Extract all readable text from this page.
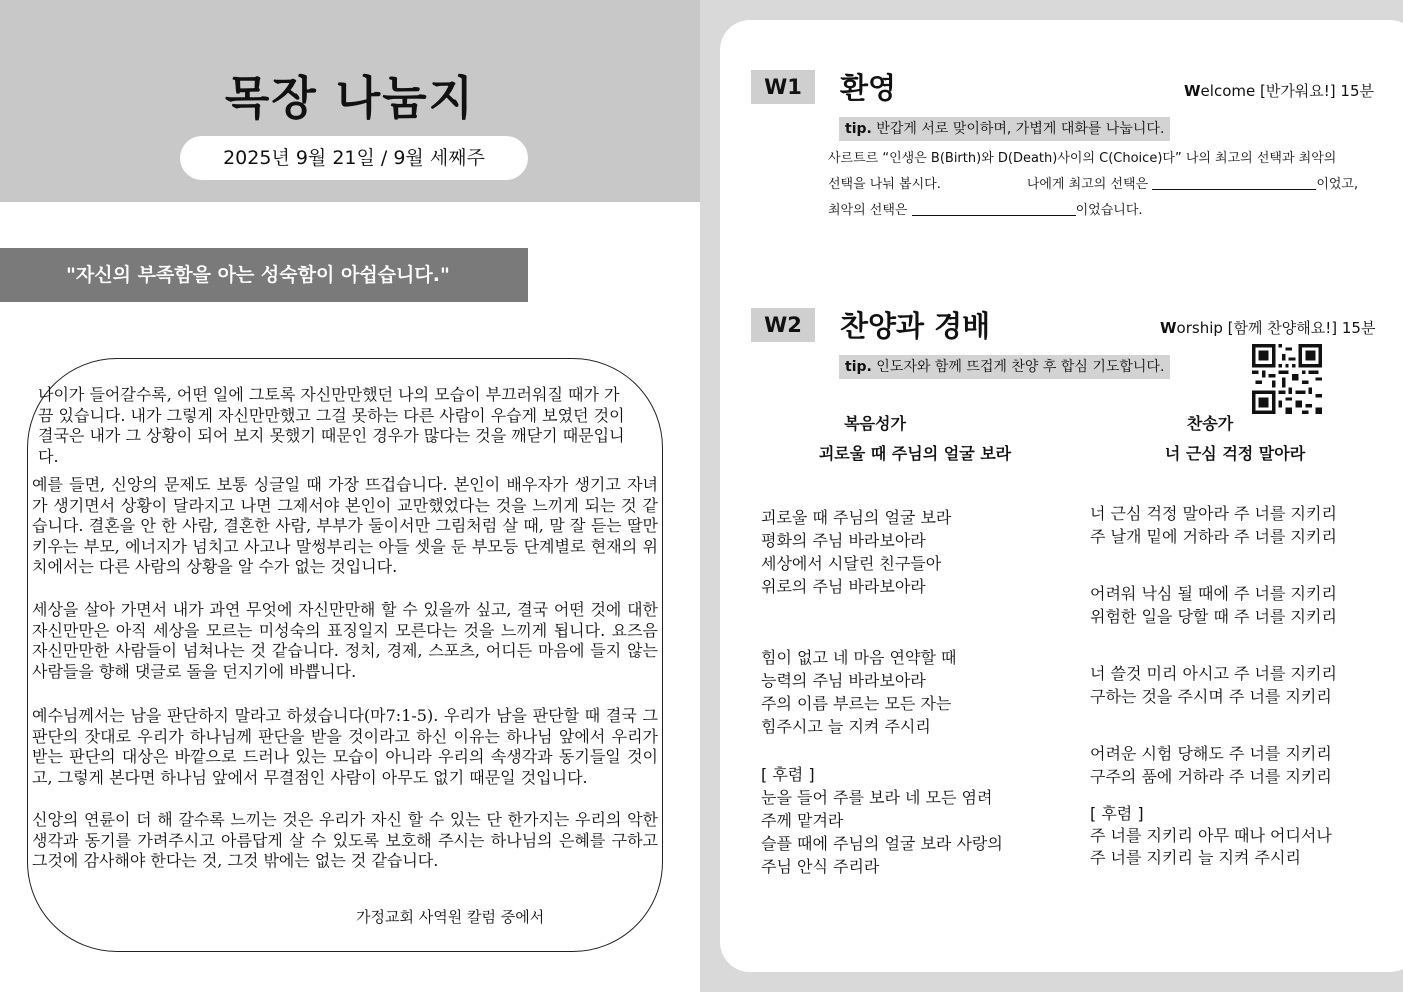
목장 나눔지
2025년 9월 21일 / 9월 세째주
"자신의 부족함을 아는 성숙함이 아쉽습니다."
나이가 들어갈수록, 어떤 일에 그토록 자신만만했던 나의 모습이 부끄러워질 때가 가끔 있습니다. 내가 그렇게 자신만만했고 그걸 못하는 다른 사람이 우습게 보였던 것이 결국은 내가 그 상황이 되어 보지 못했기 때문인 경우가 많다는 것을 깨닫기 때문입니다.
예를 들면, 신앙의 문제도 보통 싱글일 때 가장 뜨겁습니다. 본인이 배우자가 생기고 자녀가 생기면서 상황이 달라지고 나면 그제서야 본인이 교만했었다는 것을 느끼게 되는 것 같습니다. 결혼을 안 한 사람, 결혼한 사람, 부부가 둘이서만 그림처럼 살 때, 말 잘 듣는 딸만 키우는 부모, 에너지가 넘치고 사고나 말썽부리는 아들 셋을 둔 부모등 단계별로 현재의 위치에서는 다른 사람의 상황을 알 수가 없는 것입니다.
세상을 살아 가면서 내가 과연 무엇에 자신만만해 할 수 있을까 싶고, 결국 어떤 것에 대한 자신만만은 아직 세상을 모르는 미성숙의 표징일지 모른다는 것을 느끼게 됩니다. 요즈음 자신만만한 사람들이 넘쳐나는 것 같습니다. 정치, 경제, 스포츠, 어디든 마음에 들지 않는 사람들을 향해 댓글로 돌을 던지기에 바쁩니다.
예수님께서는 남을 판단하지 말라고 하셨습니다(마7:1-5). 우리가 남을 판단할 때 결국 그 판단의 잣대로 우리가 하나님께 판단을 받을 것이라고 하신 이유는 하나님 앞에서 우리가 받는 판단의 대상은 바깥으로 드러나 있는 모습이 아니라 우리의 속생각과 동기들일 것이고, 그렇게 본다면 하나님 앞에서 무결점인 사람이 아무도 없기 때문일 것입니다.
신앙의 연륜이 더 해 갈수록 느끼는 것은 우리가 자신 할 수 있는 단 한가지는 우리의 악한 생각과 동기를 가려주시고 아름답게 살 수 있도록 보호해 주시는 하나님의 은혜를 구하고 그것에 감사해야 한다는 것, 그것 밖에는 없는 것 같습니다.
가정교회 사역원 칼럼 중에서
W1	환영	Welcome [반가워요!] 15분
tip. 반갑게 서로 맞이하며, 가볍게 대화를 나눕니다.
사르트르 “인생은 B(Birth)와 D(Death)사이의 C(Choice)다” 나의 최고의 선택과 최악의
선택을 나눠 봅시다.	나에게 최고의 선택은	이었고,
최악의 선택은	이었습니다.
W2	찬양과 경배	Worship [함께 찬양해요!] 15분
tip. 인도자와 함께 뜨겁게 찬양 후 합심 기도합니다.
복음성가	찬송가
괴로울 때 주님의 얼굴 보라	너 근심 걱정 말아라
괴로울 때 주님의 얼굴 보라
평화의 주님 바라보아라
세상에서 시달린 친구들아
위로의 주님 바라보아라
힘이 없고 네 마음 연약할 때
능력의 주님 바라보아라
주의 이름 부르는 모든 자는
힘주시고 늘 지켜 주시리
[ 후렴 ]
눈을 들어 주를 보라 네 모든 염려
주께 맡겨라
슬플 때에 주님의 얼굴 보라 사랑의
주님 안식 주리라
너 근심 걱정 말아라 주 너를 지키리
주 날개 밑에 거하라 주 너를 지키리
어려워 낙심 될 때에 주 너를 지키리
위험한 일을 당할 때 주 너를 지키리
너 쓸것 미리 아시고 주 너를 지키리
구하는 것을 주시며 주 너를 지키리
어려운 시험 당해도 주 너를 지키리
구주의 품에 거하라 주 너를 지키리
[ 후렴 ]
주 너를 지키리 아무 때나 어디서나
주 너를 지키리 늘 지켜 주시리
